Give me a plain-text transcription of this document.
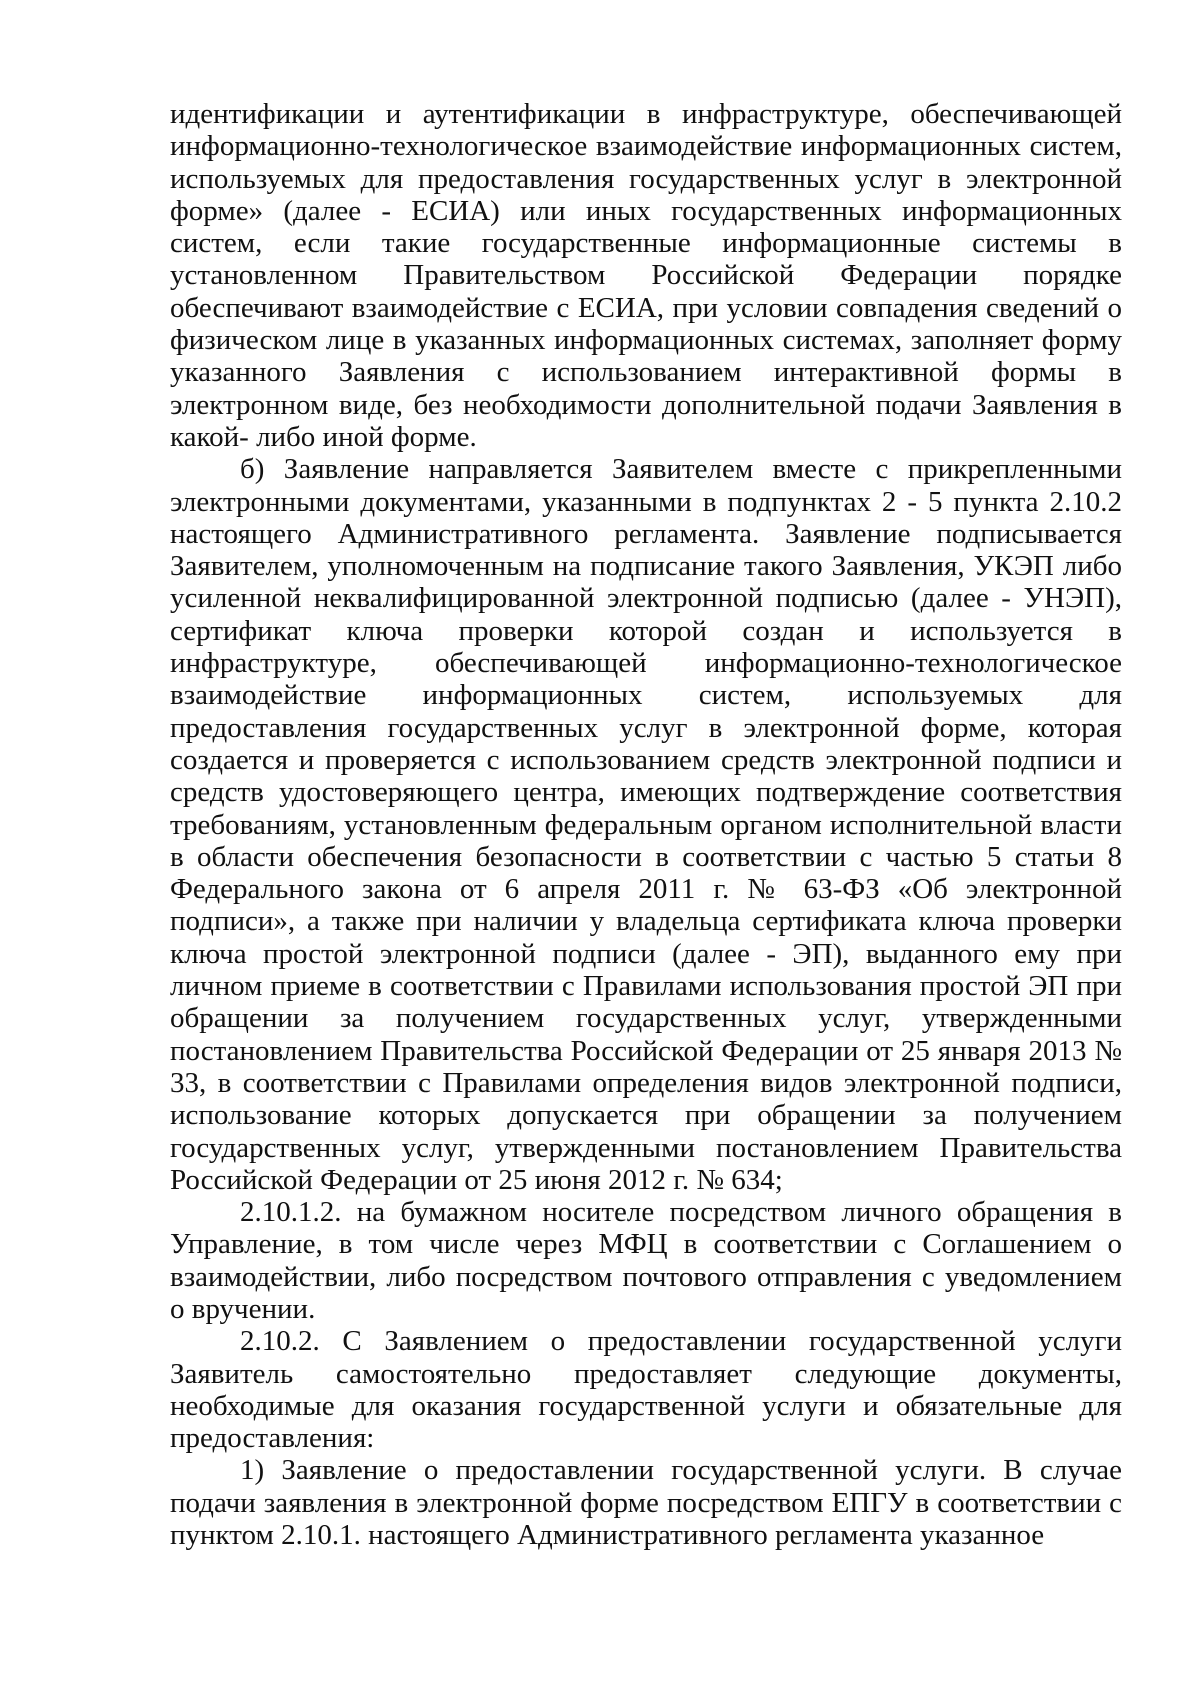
идентификации и аутентификации в инфраструктуре, обеспечивающей информационно-технологическое взаимодействие информационных систем, используемых для предоставления государственных услуг в электронной форме» (далее - ЕСИА) или иных государственных информационных систем, если такие государственные информационные системы в установленном Правительством Российской Федерации порядке обеспечивают взаимодействие с ЕСИА, при условии совпадения сведений о физическом лице в указанных информационных системах, заполняет форму указанного Заявления с использованием интерактивной формы в электронном виде, без необходимости дополнительной подачи Заявления в какой- либо иной форме.

б) Заявление направляется Заявителем вместе с прикрепленными электронными документами, указанными в подпунктах 2 - 5 пункта 2.10.2 настоящего Административного регламента. Заявление подписывается Заявителем, уполномоченным на подписание такого Заявления, УКЭП либо усиленной неквалифицированной электронной подписью (далее - УНЭП), сертификат ключа проверки которой создан и используется в инфраструктуре, обеспечивающей информационно-технологическое взаимодействие информационных систем, используемых для предоставления государственных услуг в электронной форме, которая создается и проверяется с использованием средств электронной подписи и средств удостоверяющего центра, имеющих подтверждение соответствия требованиям, установленным федеральным органом исполнительной власти в области обеспечения безопасности в соответствии с частью 5 статьи 8 Федерального закона от 6 апреля 2011 г. № 63-ФЗ «Об электронной подписи», а также при наличии у владельца сертификата ключа проверки ключа простой электронной подписи (далее - ЭП), выданного ему при личном приеме в соответствии с Правилами использования простой ЭП при обращении за получением государственных услуг, утвержденными постановлением Правительства Российской Федерации от 25 января 2013 № 33, в соответствии с Правилами определения видов электронной подписи, использование которых допускается при обращении за получением государственных услуг, утвержденными постановлением Правительства Российской Федерации от 25 июня 2012 г. № 634;

2.10.1.2. на бумажном носителе посредством личного обращения в Управление, в том числе через МФЦ в соответствии с Соглашением о взаимодействии, либо посредством почтового отправления с уведомлением о вручении.

2.10.2. С Заявлением о предоставлении государственной услуги Заявитель самостоятельно предоставляет следующие документы, необходимые для оказания государственной услуги и обязательные для предоставления:

1) Заявление о предоставлении государственной услуги. В случае подачи заявления в электронной форме посредством ЕПГУ в соответствии с пунктом 2.10.1. настоящего Административного регламента указанное
